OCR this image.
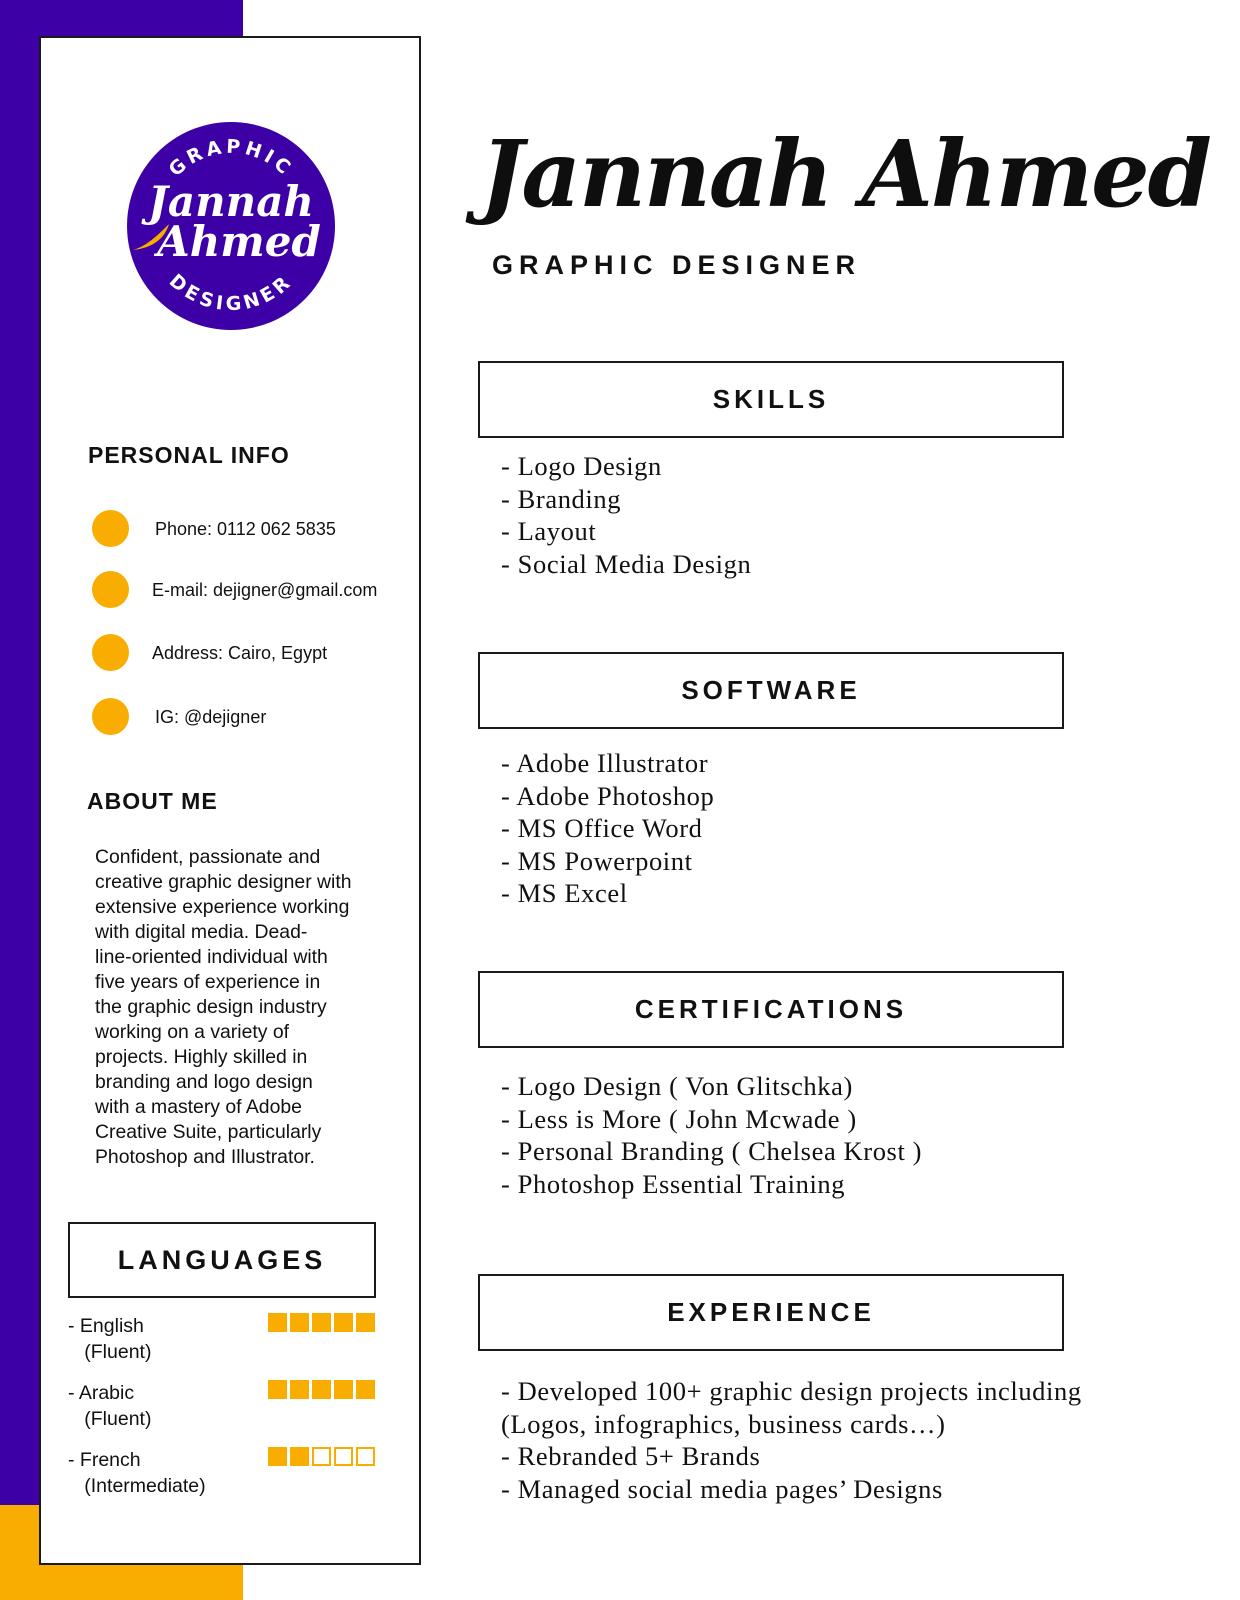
GRAPHIC
DESIGNER
Jannah
Ahmed
PERSONAL INFO
Phone: 0112 062 5835
E-mail: dejigner@gmail.com
Address: Cairo, Egypt
IG: @dejigner
ABOUT ME
Confident, passionate and
creative graphic designer with
extensive experience working
with digital media. Dead-
line-oriented individual with
five years of experience in
the graphic design industry
working on a variety of
projects. Highly skilled in
branding and logo design
with a mastery of Adobe
Creative Suite, particularly
Photoshop and Illustrator.
LANGUAGES
- English
(Fluent)
- Arabic
(Fluent)
- French
(Intermediate)
Jannah Ahmed
GRAPHIC DESIGNER
SKILLS
- Logo Design
- Branding
- Layout
- Social Media Design
SOFTWARE
- Adobe Illustrator
- Adobe Photoshop
- MS Office Word
- MS Powerpoint
- MS Excel
CERTIFICATIONS
- Logo Design ( Von Glitschka)
- Less is More ( John Mcwade )
- Personal Branding ( Chelsea Krost )
- Photoshop Essential Training
EXPERIENCE
- Developed 100+ graphic design projects including
(Logos, infographics, business cards…)
- Rebranded 5+ Brands
- Managed social media pages’ Designs
